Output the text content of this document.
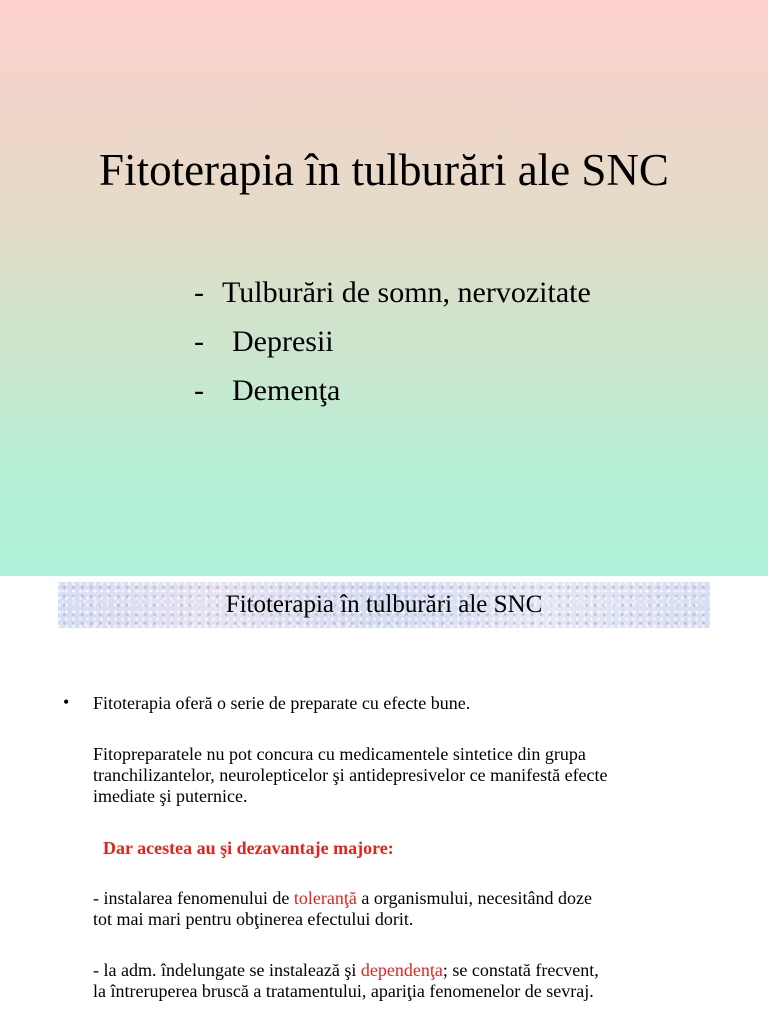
Fitoterapia în tulburări ale SNC
- Tulburări de somn, nervozitate
- Depresii
- Demenţa
Fitoterapia în tulburări ale SNC
• Fitoterapia oferă o serie de preparate cu efecte bune.
Fitopreparatele nu pot concura cu medicamentele sintetice din grupa
tranchilizantelor, neurolepticelor şi antidepresivelor ce manifestă efecte
imediate şi puternice.
Dar acestea au şi dezavantaje majore:
- instalarea fenomenului de toleranţă a organismului, necesitând doze
tot mai mari pentru obţinerea efectului dorit.
- la adm. îndelungate se instalează şi dependenţa; se constată frecvent,
la întreruperea bruscă a tratamentului, apariţia fenomenelor de sevraj.
